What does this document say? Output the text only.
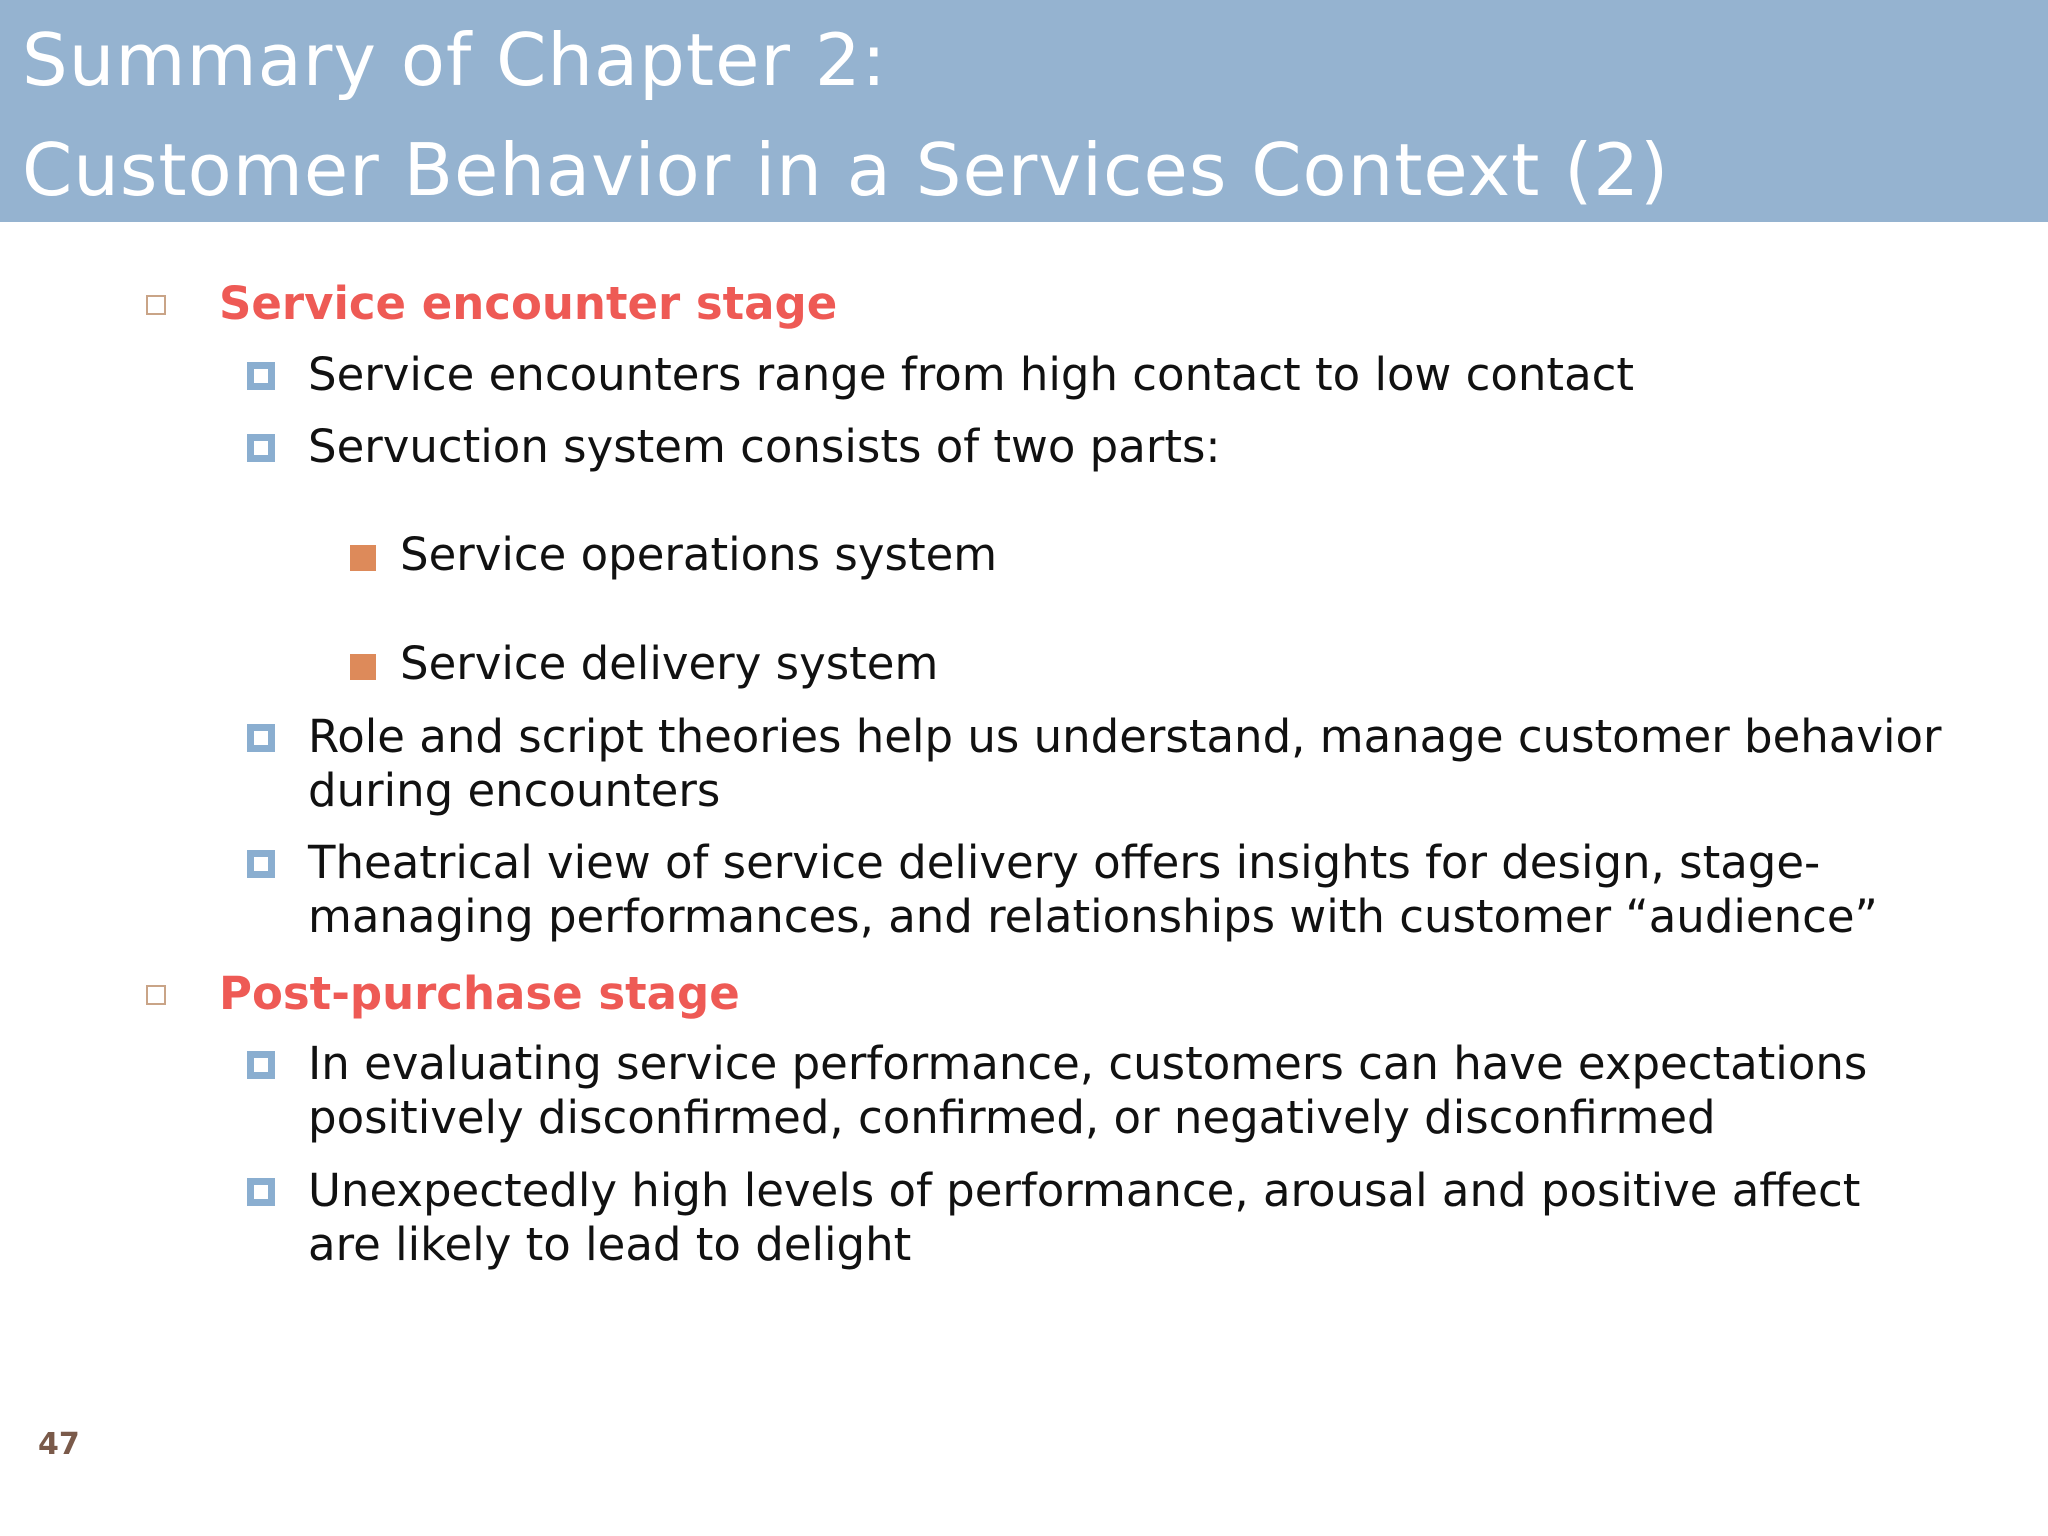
Summary of Chapter 2:
Customer Behavior in a Services Context (2)
Service encounter stage
Service encounters range from high contact to low contact
Servuction system consists of two parts:
Service operations system
Service delivery system
Role and script theories help us understand, manage customer behavior
during encounters
Theatrical view of service delivery offers insights for design, stage-
managing performances, and relationships with customer “audience”
Post-purchase stage
In evaluating service performance, customers can have expectations
positively disconfirmed, confirmed, or negatively disconfirmed
Unexpectedly high levels of performance, arousal and positive affect
are likely to lead to delight
47
